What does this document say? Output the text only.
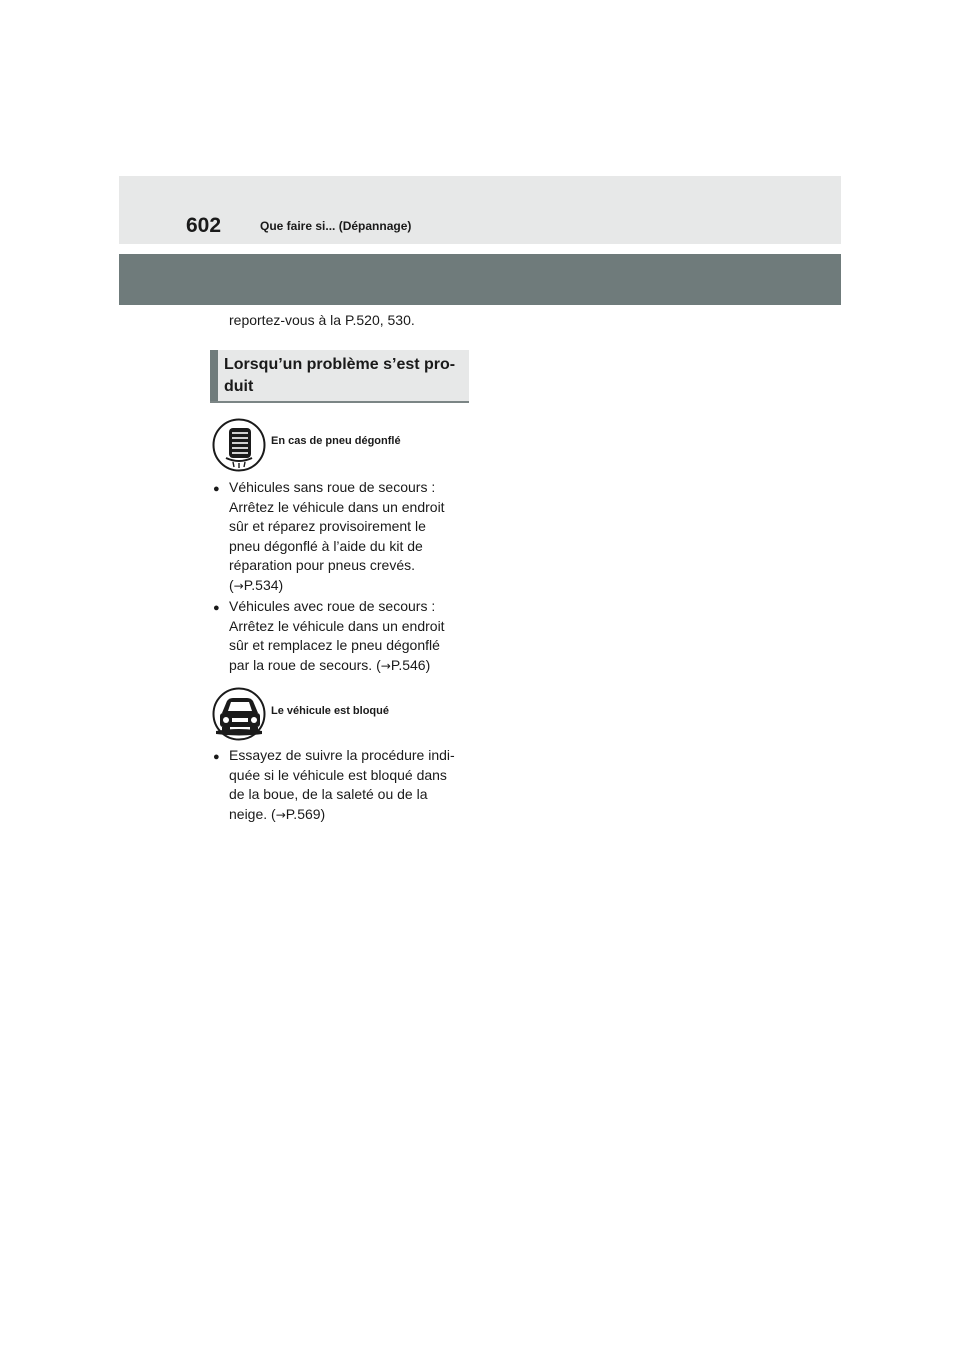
602	Que faire si... (Dépannage)
reportez-vous à la P.520, 530.
Lorsqu’un problème s’est pro-
duit
En cas de pneu dégonflé
● Véhicules sans roue de secours :
Arrêtez le véhicule dans un endroit
sûr et réparez provisoirement le
pneu dégonflé à l’aide du kit de
réparation pour pneus crevés.
(→P.534)
● Véhicules avec roue de secours :
Arrêtez le véhicule dans un endroit
sûr et remplacez le pneu dégonflé
par la roue de secours. (→P.546)
Le véhicule est bloqué
● Essayez de suivre la procédure indi-
quée si le véhicule est bloqué dans
de la boue, de la saleté ou de la
neige. (→P.569)
